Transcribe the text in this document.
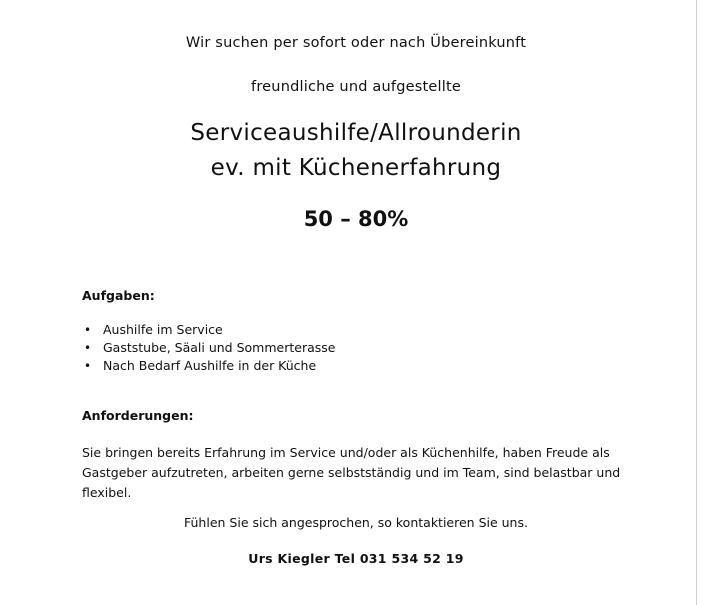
Wir suchen per sofort oder nach Übereinkunft
freundliche und aufgestellte
Serviceaushilfe/Allrounderin
ev. mit Küchenerfahrung
50 – 80%
Aufgaben:
• Aushilfe im Service
• Gaststube, Säali und Sommerterasse
• Nach Bedarf Aushilfe in der Küche
Anforderungen:
Sie bringen bereits Erfahrung im Service und/oder als Küchenhilfe, haben Freude als
Gastgeber aufzutreten, arbeiten gerne selbstständig und im Team, sind belastbar und
flexibel.
Fühlen Sie sich angesprochen, so kontaktieren Sie uns.
Urs Kiegler Tel 031 534 52 19
